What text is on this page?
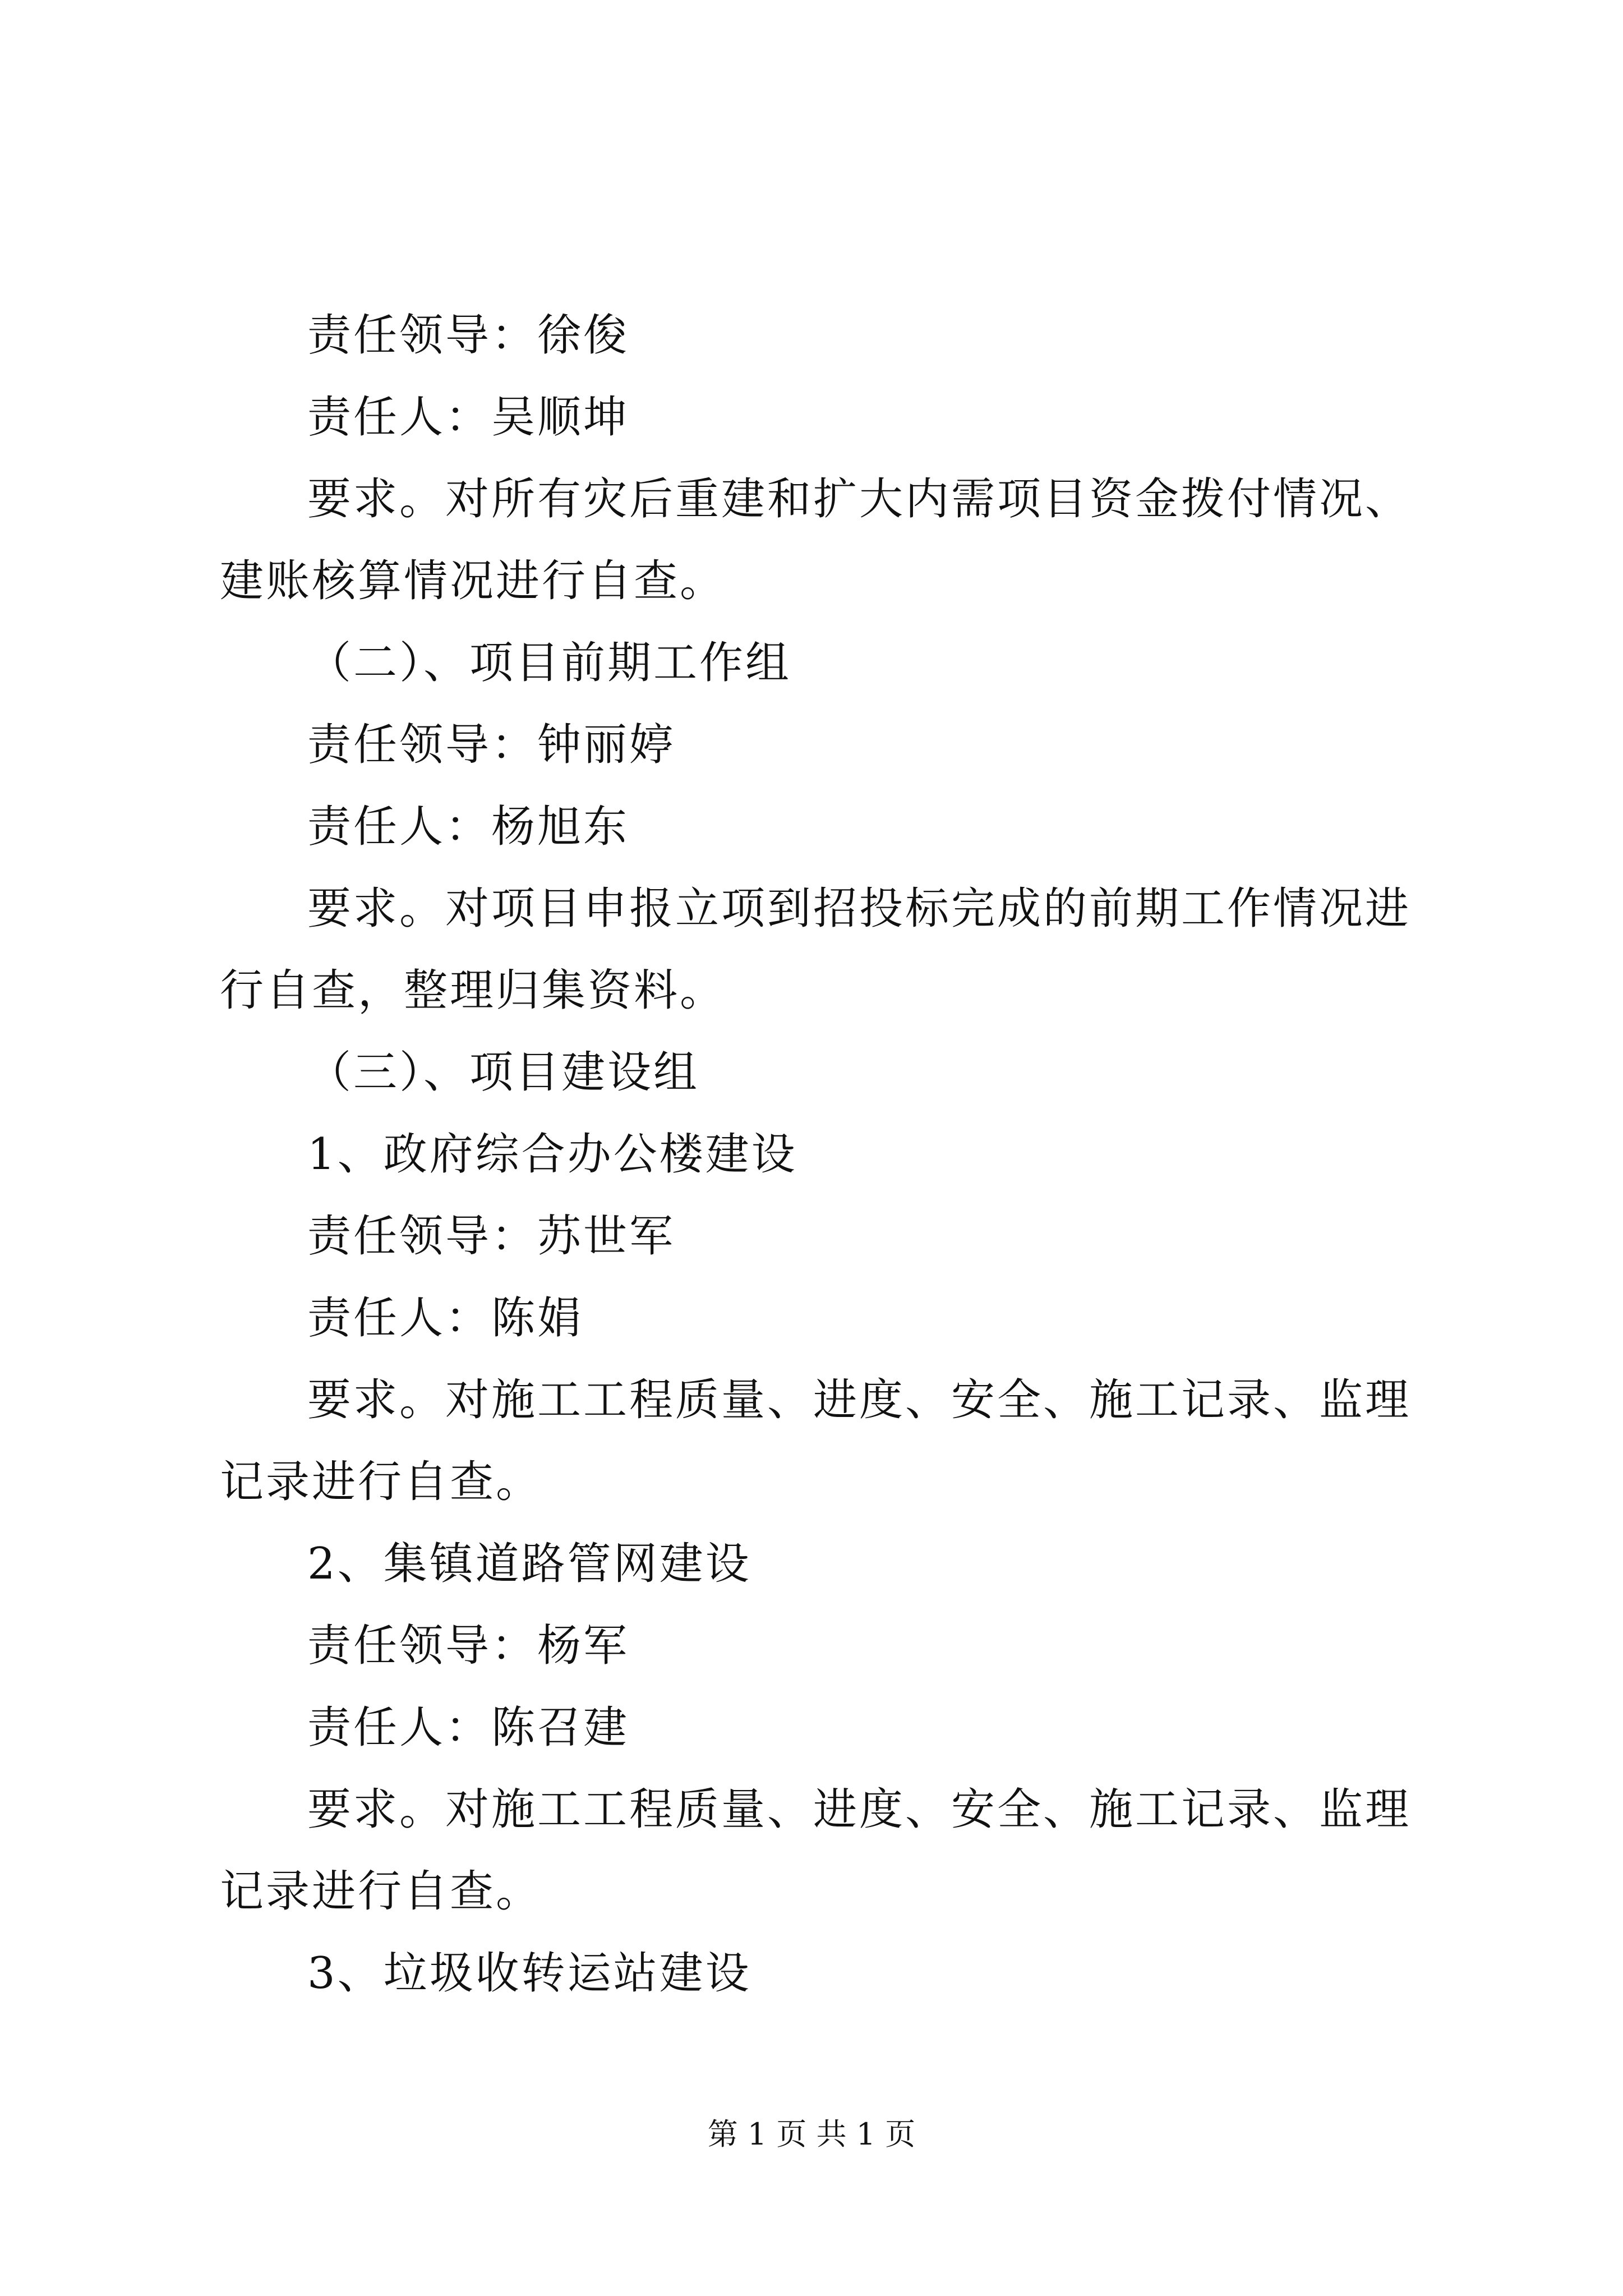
责任领导：徐俊

责任人：吴顺坤

要求。对所有灾后重建和扩大内需项目资金拨付情况、建账核算情况进行自查。

（二）、项目前期工作组

责任领导：钟丽婷

责任人：杨旭东

要求。对项目申报立项到招投标完成的前期工作情况进行自查，整理归集资料。

（三）、项目建设组

1、政府综合办公楼建设

责任领导：苏世军

责任人：陈娟

要求。对施工工程质量、进度、安全、施工记录、监理记录进行自查。

2、集镇道路管网建设

责任领导：杨军

责任人：陈召建

要求。对施工工程质量、进度、安全、施工记录、监理记录进行自查。

3、垃圾收转运站建设

第 1 页 共 1 页
